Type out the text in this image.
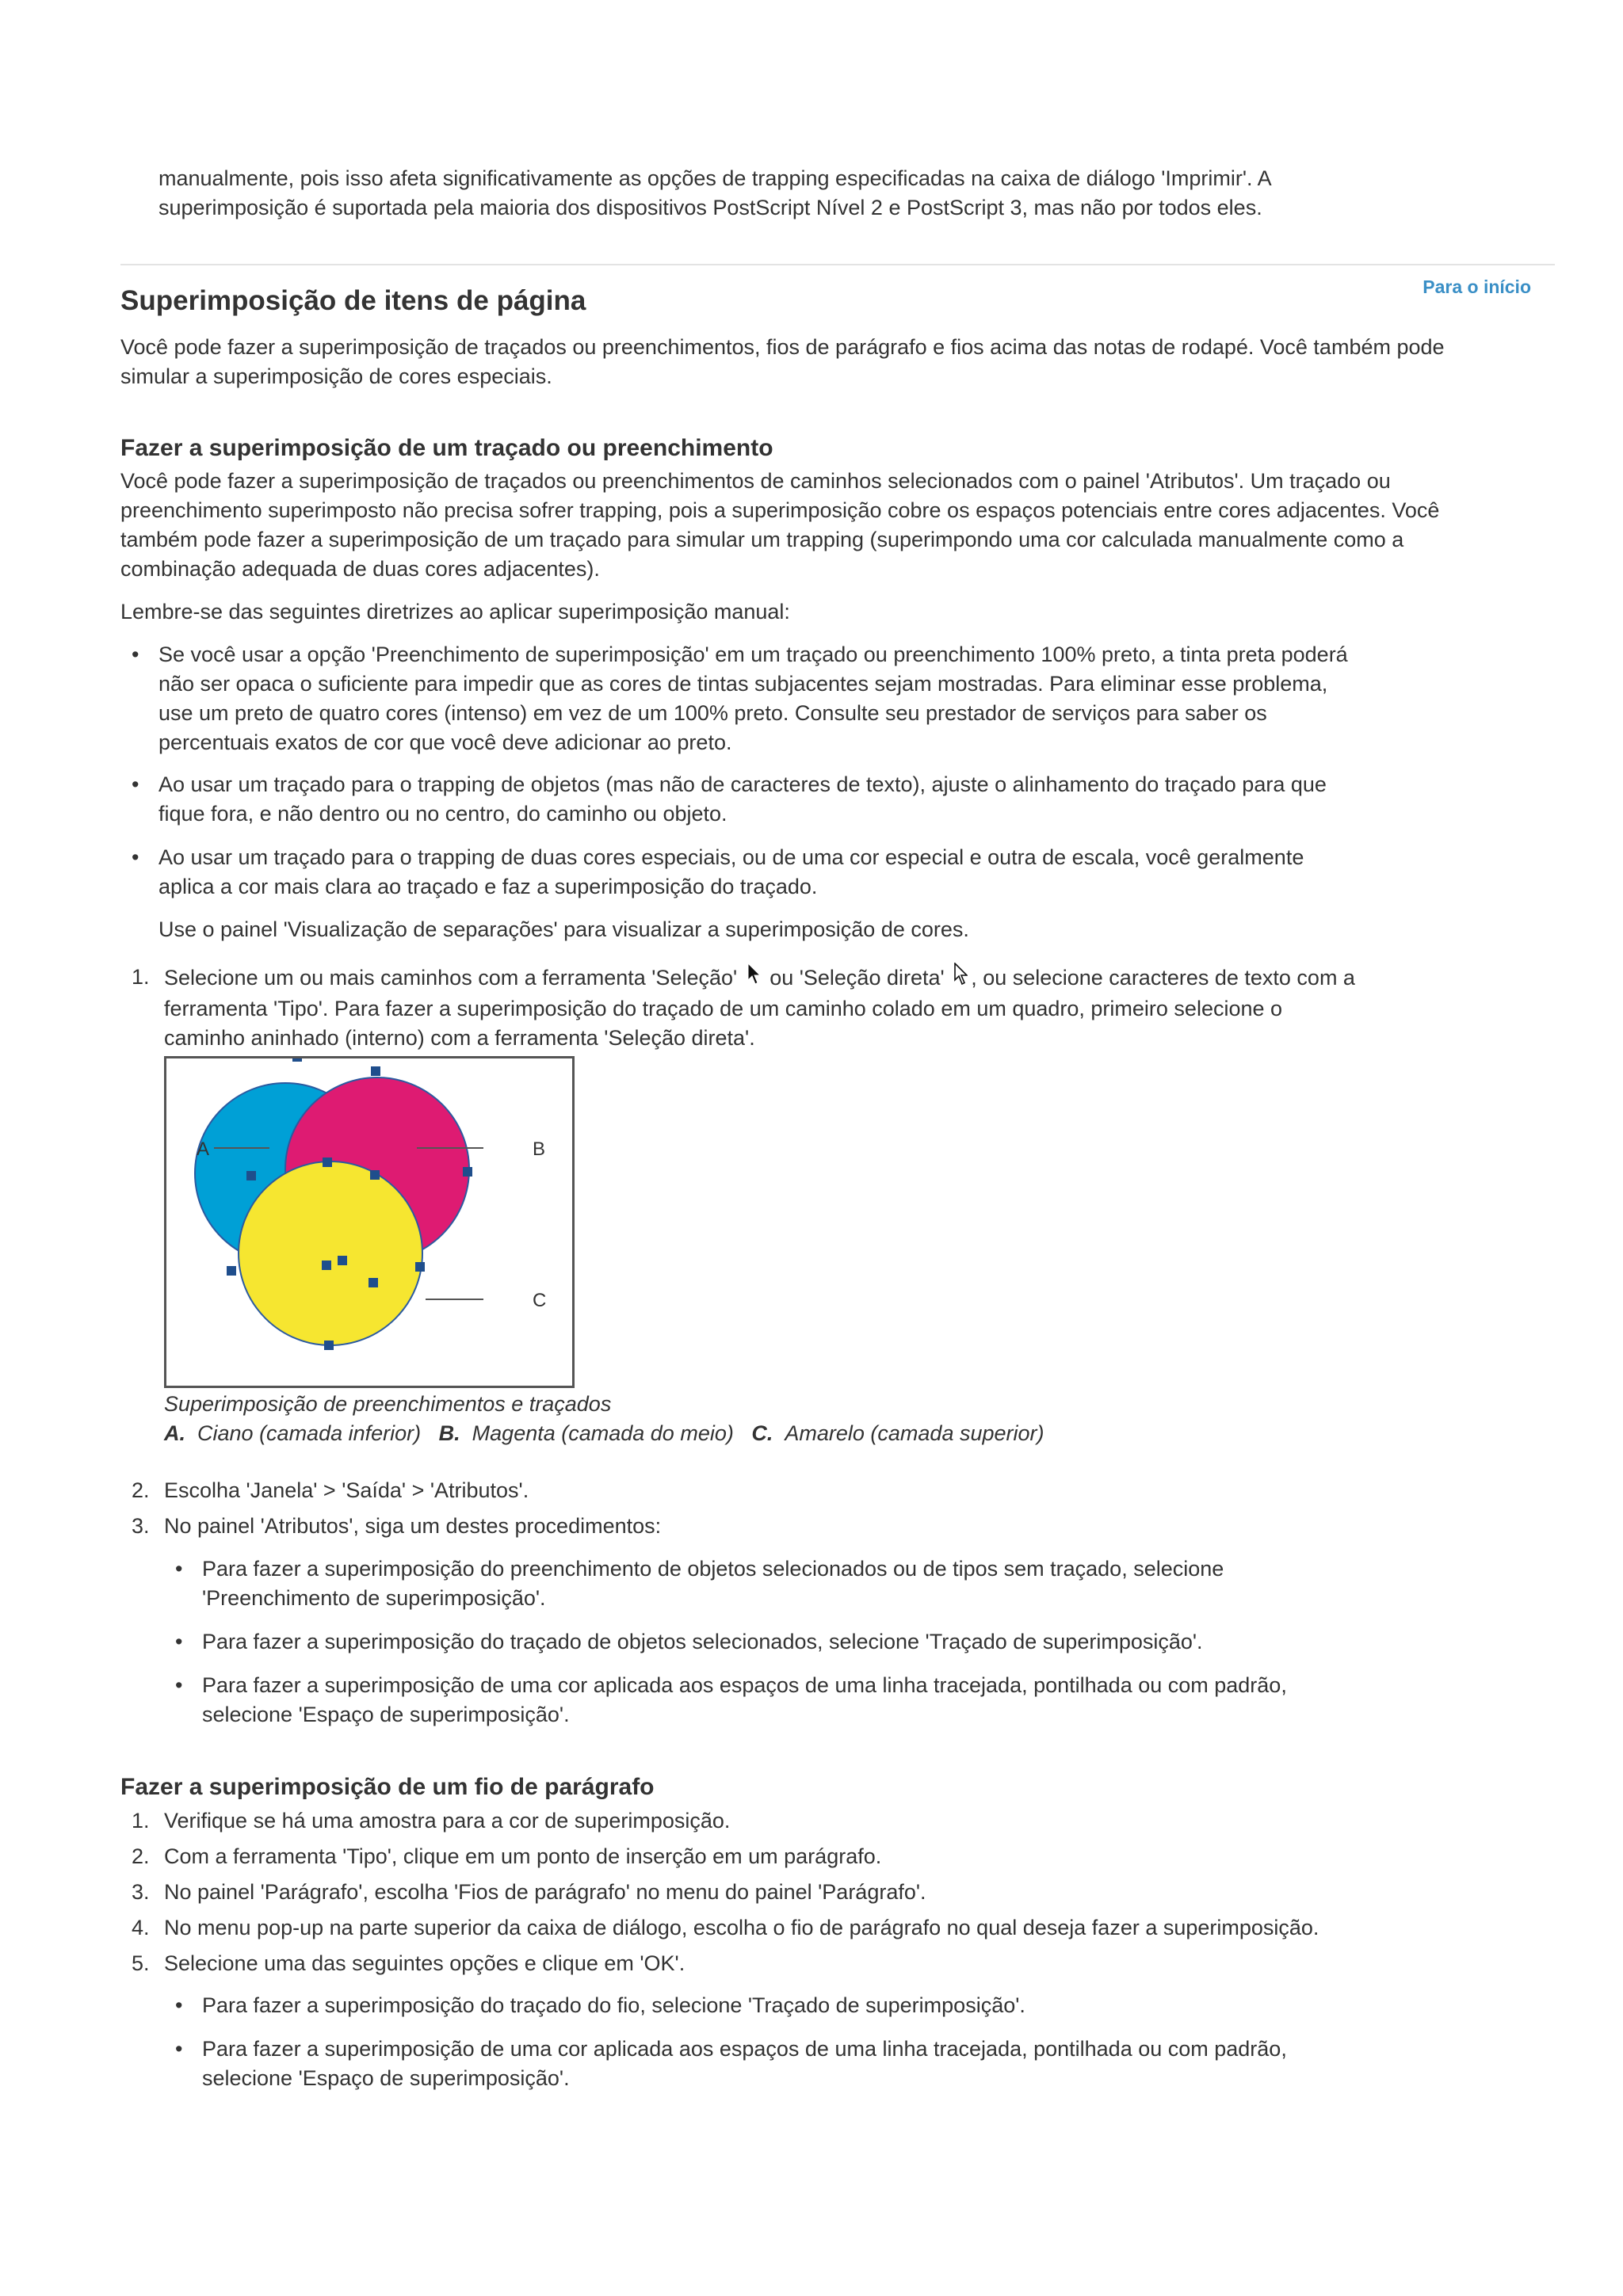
manualmente, pois isso afeta significativamente as opções de trapping especificadas na caixa de diálogo 'Imprimir'. A

superimposição é suportada pela maioria dos dispositivos PostScript Nível 2 e PostScript 3, mas não por todos eles.

Para o início
Superimposição de itens de página

Você pode fazer a superimposição de traçados ou preenchimentos, fios de parágrafo e fios acima das notas de rodapé. Você também pode

simular a superimposição de cores especiais.

Fazer a superimposição de um traçado ou preenchimento

Você pode fazer a superimposição de traçados ou preenchimentos de caminhos selecionados com o painel 'Atributos'. Um traçado ou

preenchimento superimposto não precisa sofrer trapping, pois a superimposição cobre os espaços potenciais entre cores adjacentes. Você

também pode fazer a superimposição de um traçado para simular um trapping (superimpondo uma cor calculada manualmente como a

combinação adequada de duas cores adjacentes).

Lembre-se das seguintes diretrizes ao aplicar superimposição manual:

• Se você usar a opção 'Preenchimento de superimposição' em um traçado ou preenchimento 100% preto, a tinta preta poderá

não ser opaca o suficiente para impedir que as cores de tintas subjacentes sejam mostradas. Para eliminar esse problema,

use um preto de quatro cores (intenso) em vez de um 100% preto. Consulte seu prestador de serviços para saber os

percentuais exatos de cor que você deve adicionar ao preto.

• Ao usar um traçado para o trapping de objetos (mas não de caracteres de texto), ajuste o alinhamento do traçado para que

fique fora, e não dentro ou no centro, do caminho ou objeto.

• Ao usar um traçado para o trapping de duas cores especiais, ou de uma cor especial e outra de escala, você geralmente

aplica a cor mais clara ao traçado e faz a superimposição do traçado.

Use o painel 'Visualização de separações' para visualizar a superimposição de cores.

1. Selecione um ou mais caminhos com a ferramenta 'Seleção' ou 'Seleção direta' , ou selecione caracteres de texto com a

ferramenta 'Tipo'. Para fazer a superimposição do traçado de um caminho colado em um quadro, primeiro selecione o

caminho aninhado (interno) com a ferramenta 'Seleção direta'.

A	B
C

Superimposição de preenchimentos e traçados

A. Ciano (camada inferior) B. Magenta (camada do meio) C. Amarelo (camada superior)

2. Escolha 'Janela' > 'Saída' > 'Atributos'.

3. No painel 'Atributos', siga um destes procedimentos:

• Para fazer a superimposição do preenchimento de objetos selecionados ou de tipos sem traçado, selecione

'Preenchimento de superimposição'.

• Para fazer a superimposição do traçado de objetos selecionados, selecione 'Traçado de superimposição'.

• Para fazer a superimposição de uma cor aplicada aos espaços de uma linha tracejada, pontilhada ou com padrão,

selecione 'Espaço de superimposição'.

Fazer a superimposição de um fio de parágrafo
1. Verifique se há uma amostra para a cor de superimposição.

2. Com a ferramenta 'Tipo', clique em um ponto de inserção em um parágrafo.

3. No painel 'Parágrafo', escolha 'Fios de parágrafo' no menu do painel 'Parágrafo'.

4. No menu pop-up na parte superior da caixa de diálogo, escolha o fio de parágrafo no qual deseja fazer a superimposição.

5. Selecione uma das seguintes opções e clique em 'OK'.

• Para fazer a superimposição do traçado do fio, selecione 'Traçado de superimposição'.

• Para fazer a superimposição de uma cor aplicada aos espaços de uma linha tracejada, pontilhada ou com padrão,

selecione 'Espaço de superimposição'.
